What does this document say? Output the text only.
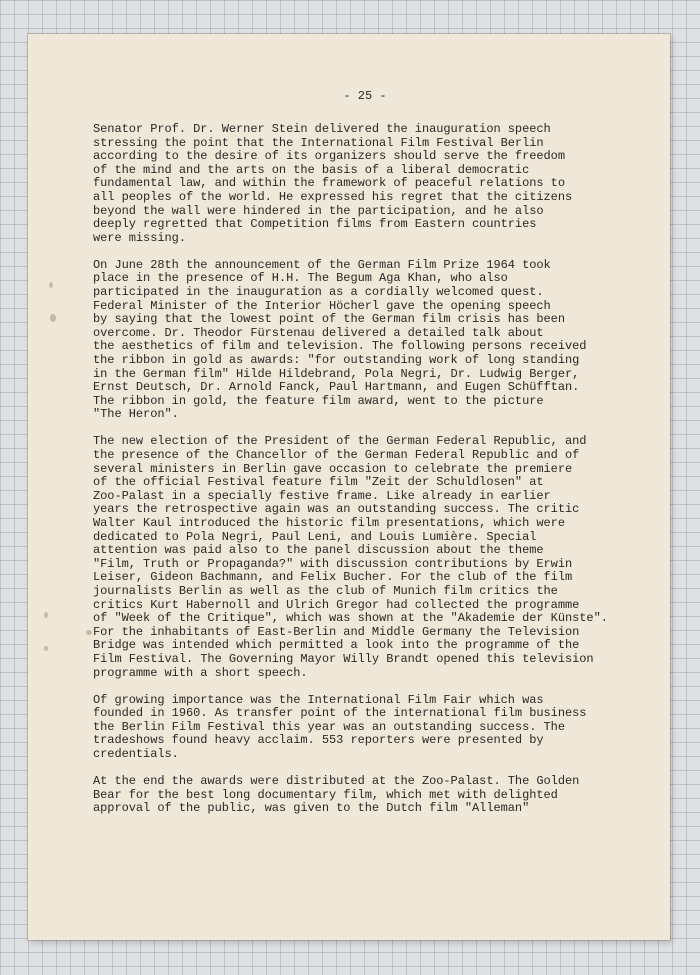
- 25 -

Senator Prof. Dr. Werner Stein delivered the inauguration speech
stressing the point that the International Film Festival Berlin
according to the desire of its organizers should serve the freedom
of the mind and the arts on the basis of a liberal democratic
fundamental law, and within the framework of peaceful relations to
all peoples of the world. He expressed his regret that the citizens
beyond the wall were hindered in the participation, and he also
deeply regretted that Competition films from Eastern countries
were missing.

On June 28th the announcement of the German Film Prize 1964 took
place in the presence of H.H. The Begum Aga Khan, who also
participated in the inauguration as a cordially welcomed quest.
Federal Minister of the Interior Höcherl gave the opening speech
by saying that the lowest point of the German film crisis has been
overcome. Dr. Theodor Fürstenau delivered a detailed talk about
the aesthetics of film and television. The following persons received
the ribbon in gold as awards: "for outstanding work of long standing
in the German film" Hilde Hildebrand, Pola Negri, Dr. Ludwig Berger,
Ernst Deutsch, Dr. Arnold Fanck, Paul Hartmann, and Eugen Schüfftan.
The ribbon in gold, the feature film award, went to the picture
"The Heron".

The new election of the President of the German Federal Republic, and
the presence of the Chancellor of the German Federal Republic and of
several ministers in Berlin gave occasion to celebrate the premiere
of the official Festival feature film "Zeit der Schuldlosen" at
Zoo-Palast in a specially festive frame. Like already in earlier
years the retrospective again was an outstanding success. The critic
Walter Kaul introduced the historic film presentations, which were
dedicated to Pola Negri, Paul Leni, and Louis Lumière. Special
attention was paid also to the panel discussion about the theme
"Film, Truth or Propaganda?" with discussion contributions by Erwin
Leiser, Gideon Bachmann, and Felix Bucher. For the club of the film
journalists Berlin as well as the club of Munich film critics the
critics Kurt Habernoll and Ulrich Gregor had collected the programme
of "Week of the Critique", which was shown at the "Akademie der Künste".
For the inhabitants of East-Berlin and Middle Germany the Television
Bridge was intended which permitted a look into the programme of the
Film Festival. The Governing Mayor Willy Brandt opened this television
programme with a short speech.

Of growing importance was the International Film Fair which was
founded in 1960. As transfer point of the international film business
the Berlin Film Festival this year was an outstanding success. The
tradeshows found heavy acclaim. 553 reporters were presented by
credentials.

At the end the awards were distributed at the Zoo-Palast. The Golden
Bear for the best long documentary film, which met with delighted
approval of the public, was given to the Dutch film "Alleman"
